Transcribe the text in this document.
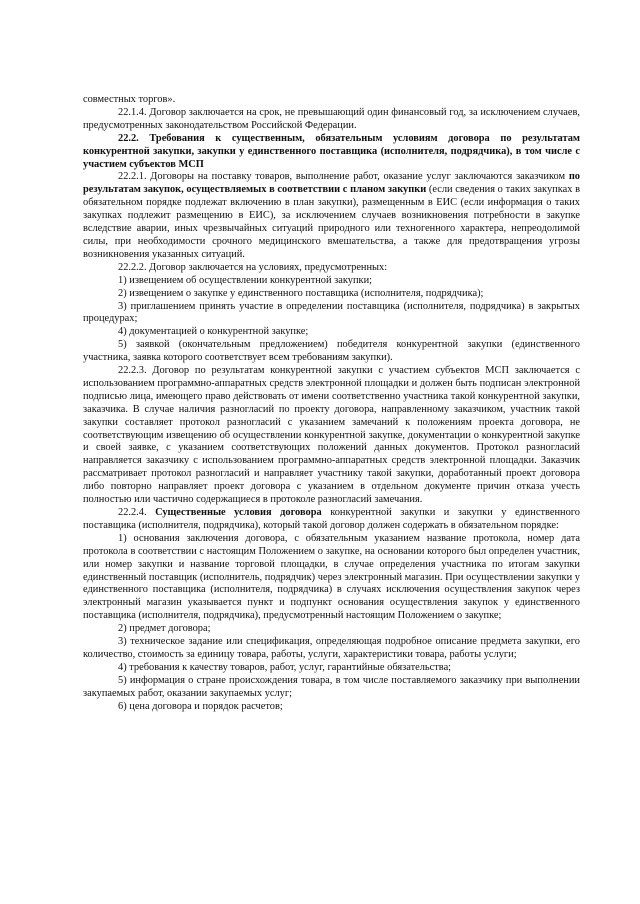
совместных торгов».

22.1.4. Договор заключается на срок, не превышающий один финансовый год, за исключением случаев, предусмотренных законодательством Российской Федерации.

22.2. Требования к существенным, обязательным условиям договора по результатам конкурентной закупки, закупки у единственного поставщика (исполнителя, подрядчика), в том числе с участием субъектов МСП

22.2.1. Договоры на поставку товаров, выполнение работ, оказание услуг заключаются заказчиком по результатам закупок, осуществляемых в соответствии с планом закупки (если сведения о таких закупках в обязательном порядке подлежат включению в план закупки), размещенным в ЕИС (если информация о таких закупках подлежит размещению в ЕИС), за исключением случаев возникновения потребности в закупке вследствие аварии, иных чрезвычайных ситуаций природного или техногенного характера, непреодолимой силы, при необходимости срочного медицинского вмешательства, а также для предотвращения угрозы возникновения указанных ситуаций.

22.2.2. Договор заключается на условиях, предусмотренных:

1) извещением об осуществлении конкурентной закупки;

2) извещением о закупке у единственного поставщика (исполнителя, подрядчика);

3) приглашением принять участие в определении поставщика (исполнителя, подрядчика) в закрытых процедурах;

4) документацией о конкурентной закупке;

5) заявкой (окончательным предложением) победителя конкурентной закупки (единственного участника, заявка которого соответствует всем требованиям закупки).

22.2.3. Договор по результатам конкурентной закупки с участием субъектов МСП заключается с использованием программно-аппаратных средств электронной площадки и должен быть подписан электронной подписью лица, имеющего право действовать от имени соответственно участника такой конкурентной закупки, заказчика. В случае наличия разногласий по проекту договора, направленному заказчиком, участник такой закупки составляет протокол разногласий с указанием замечаний к положениям проекта договора, не соответствующим извещению об осуществлении конкурентной закупке, документации о конкурентной закупке и своей заявке, с указанием соответствующих положений данных документов. Протокол разногласий направляется заказчику с использованием программно-аппаратных средств электронной площадки. Заказчик рассматривает протокол разногласий и направляет участнику такой закупки, доработанный проект договора либо повторно направляет проект договора с указанием в отдельном документе причин отказа учесть полностью или частично содержащиеся в протоколе разногласий замечания.

22.2.4. Существенные условия договора конкурентной закупки и закупки у единственного поставщика (исполнителя, подрядчика), который такой договор должен содержать в обязательном порядке:

1) основания заключения договора, с обязательным указанием название протокола, номер дата протокола в соответствии с настоящим Положением о закупке, на основании которого был определен участник, или номер закупки и название торговой площадки, в случае определения участника по итогам закупки единственный поставщик (исполнитель, подрядчик) через электронный магазин. При осуществлении закупки у единственного поставщика (исполнителя, подрядчика) в случаях исключения осуществления закупок через электронный магазин указывается пункт и подпункт основания осуществления закупок у единственного поставщика (исполнителя, подрядчика), предусмотренный настоящим Положением о закупке;

2) предмет договора;

3) техническое задание или спецификация, определяющая подробное описание предмета закупки, его количество, стоимость за единицу товара, работы, услуги, характеристики товара, работы услуги;

4) требования к качеству товаров, работ, услуг, гарантийные обязательства;

5) информация о стране происхождения товара, в том числе поставляемого заказчику при выполнении закупаемых работ, оказании закупаемых услуг;

6) цена договора и порядок расчетов;
